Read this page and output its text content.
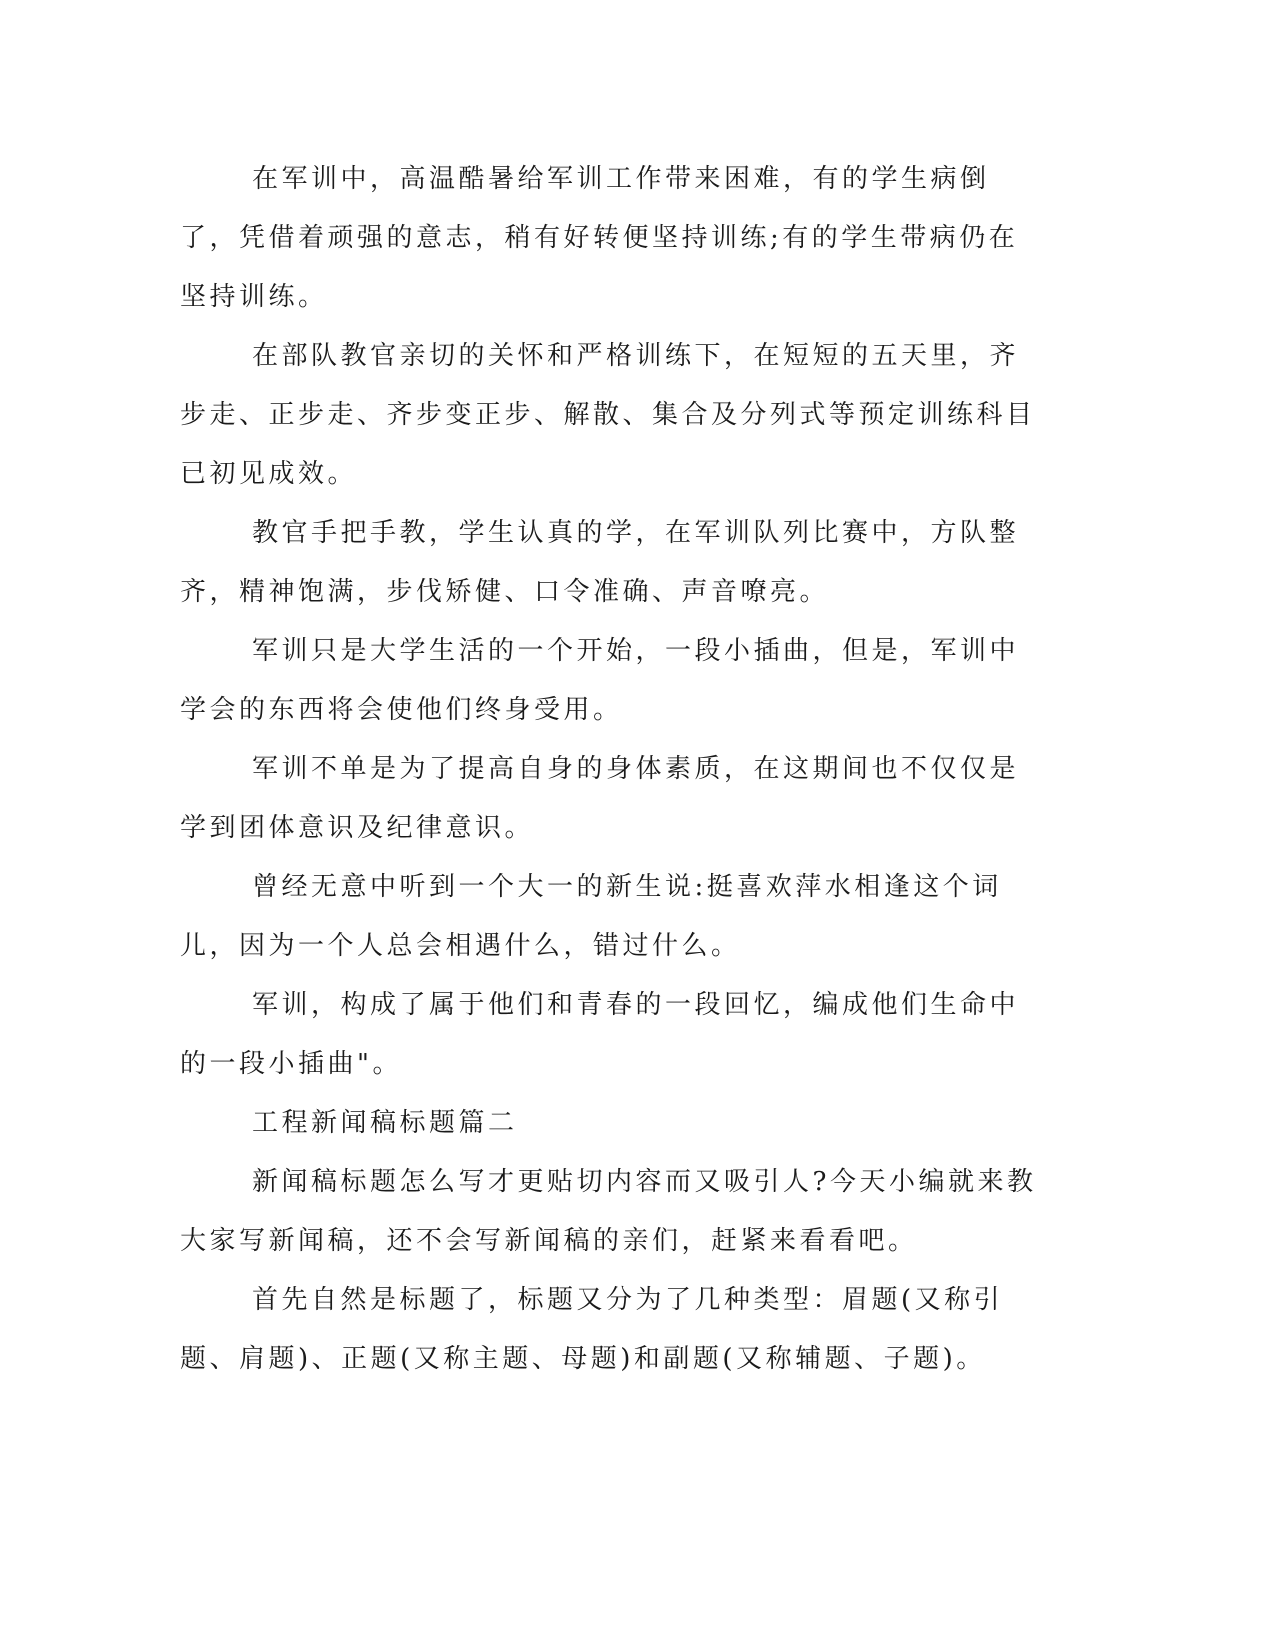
在军训中，高温酷暑给军训工作带来困难，有的学生病倒了，凭借着顽强的意志，稍有好转便坚持训练;有的学生带病仍在坚持训练。

在部队教官亲切的关怀和严格训练下，在短短的五天里，齐步走、正步走、齐步变正步、解散、集合及分列式等预定训练科目已初见成效。

教官手把手教，学生认真的学，在军训队列比赛中，方队整齐，精神饱满，步伐矫健、口令准确、声音嘹亮。

军训只是大学生活的一个开始，一段小插曲，但是，军训中学会的东西将会使他们终身受用。

军训不单是为了提高自身的身体素质，在这期间也不仅仅是学到团体意识及纪律意识。

曾经无意中听到一个大一的新生说:挺喜欢萍水相逢这个词儿，因为一个人总会相遇什么，错过什么。

军训，构成了属于他们和青春的一段回忆，编成他们生命中的一段小插曲"。

工程新闻稿标题篇二

新闻稿标题怎么写才更贴切内容而又吸引人?今天小编就来教大家写新闻稿，还不会写新闻稿的亲们，赶紧来看看吧。

首先自然是标题了，标题又分为了几种类型：眉题(又称引题、肩题)、正题(又称主题、母题)和副题(又称辅题、子题)。
